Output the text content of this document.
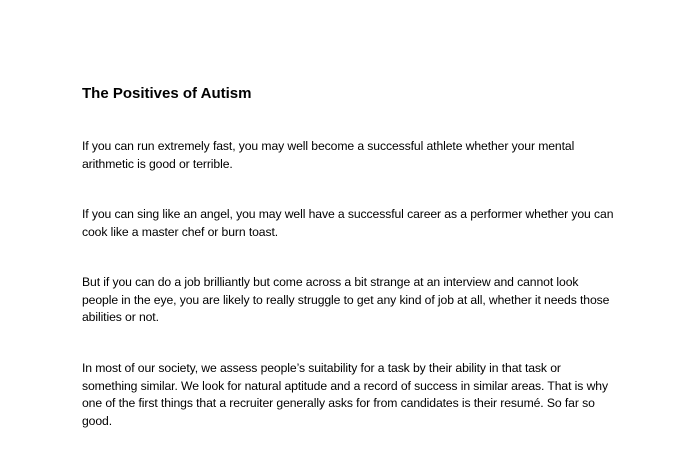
The Positives of Autism

If you can run extremely fast, you may well become a successful athlete whether your mental
arithmetic is good or terrible.

If you can sing like an angel, you may well have a successful career as a performer whether you can
cook like a master chef or burn toast.

But if you can do a job brilliantly but come across a bit strange at an interview and cannot look
people in the eye, you are likely to really struggle to get any kind of job at all, whether it needs those
abilities or not.

In most of our society, we assess people’s suitability for a task by their ability in that task or
something similar. We look for natural aptitude and a record of success in similar areas. That is why
one of the first things that a recruiter generally asks for from candidates is their resumé. So far so
good.
